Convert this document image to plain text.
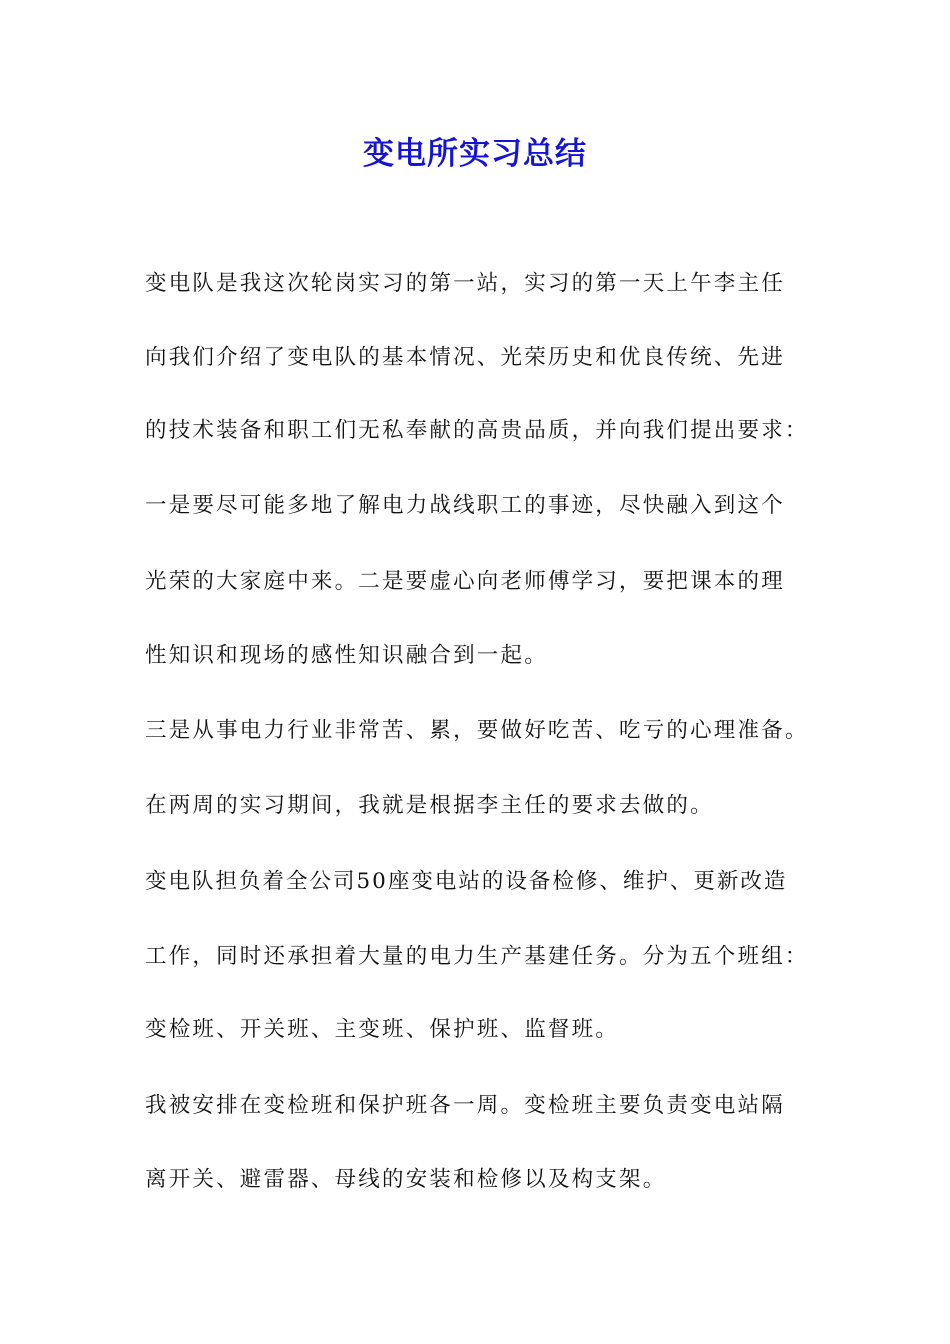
变电所实习总结
变电队是我这次轮岗实习的第一站，实习的第一天上午李主任
向我们介绍了变电队的基本情况、光荣历史和优良传统、先进
的技术装备和职工们无私奉献的高贵品质，并向我们提出要求：
一是要尽可能多地了解电力战线职工的事迹，尽快融入到这个
光荣的大家庭中来。二是要虚心向老师傅学习，要把课本的理
性知识和现场的感性知识融合到一起。
三是从事电力行业非常苦、累，要做好吃苦、吃亏的心理准备。
在两周的实习期间，我就是根据李主任的要求去做的。
变电队担负着全公司50座变电站的设备检修、维护、更新改造
工作，同时还承担着大量的电力生产基建任务。分为五个班组：
变检班、开关班、主变班、保护班、监督班。
我被安排在变检班和保护班各一周。变检班主要负责变电站隔
离开关、避雷器、母线的安装和检修以及构支架。
